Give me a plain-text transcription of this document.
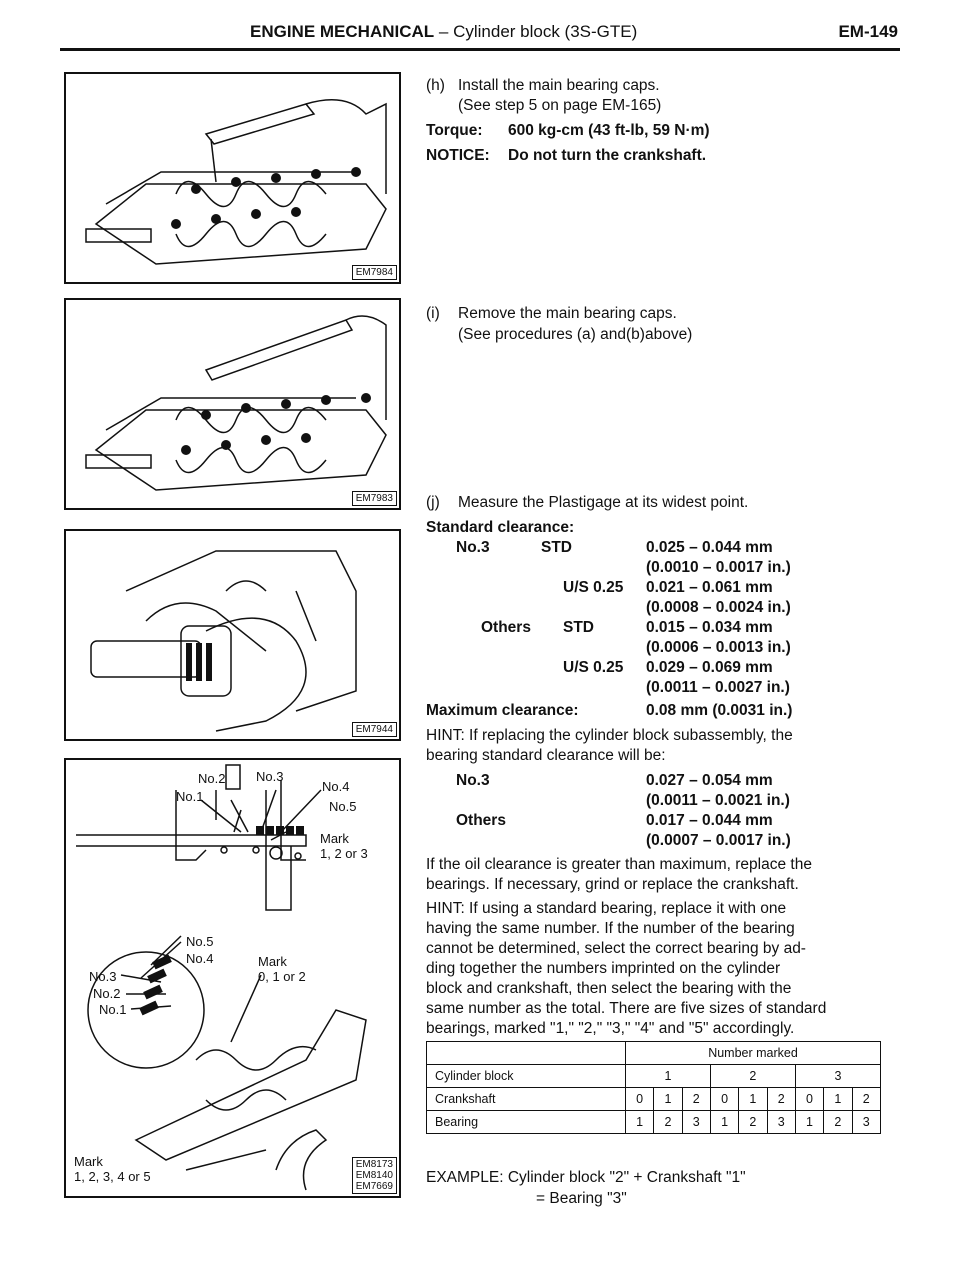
ENGINE MECHANICAL – Cylinder block (3S-GTE)	EM-149
EM7984
EM7983
EM7944
No.1
No.2 No.3
No.4
No.5
Mark
1, 2 or 3
No.5
No.4
No.3
No.2
No.1
Mark
0, 1 or 2
Mark
1, 2, 3, 4 or 5
EM8173
EM8140
EM7669
(h) Install the main bearing caps.
(See step 5 on page EM-165)
Torque: 600 kg-cm (43 ft-lb, 59 N·m)
NOTICE: Do not turn the crankshaft.
(i) Remove the main bearing caps.
(See procedures (a) and(b)above)
(j) Measure the Plastigage at its widest point.
Standard clearance:
No.3	STD	0.025 – 0.044 mm
(0.0010 – 0.0017 in.)
U/S 0.25 0.021 – 0.061 mm
(0.0008 – 0.0024 in.)
Others STD	0.015 – 0.034 mm
(0.0006 – 0.0013 in.)
U/S 0.25 0.029 – 0.069 mm
(0.0011 – 0.0027 in.)
Maximum clearance:	0.08 mm (0.0031 in.)
HINT: If replacing the cylinder block subassembly, the
bearing standard clearance will be:
No.3	0.027 – 0.054 mm
(0.0011 – 0.0021 in.)
Others	0.017 – 0.044 mm
(0.0007 – 0.0017 in.)
If the oil clearance is greater than maximum, replace the
bearings. If necessary, grind or replace the crankshaft.
HINT: If using a standard bearing, replace it with one
having the same number. If the number of the bearing
cannot be determined, select the correct bearing by ad-
ding together the numbers imprinted on the cylinder
block and crankshaft, then select the bearing with the
same number as the total. There are five sizes of standard
bearings, marked "1," "2," "3," "4" and "5" accordingly.
	Number marked								
Cylinder block	1			2			3		
Crankshaft	0	1	2	0	1	2	0	1	2
Bearing	1	2	3	1	2	3	1	2	3
EXAMPLE: Cylinder block "2" + Crankshaft "1"
= Bearing "3"
